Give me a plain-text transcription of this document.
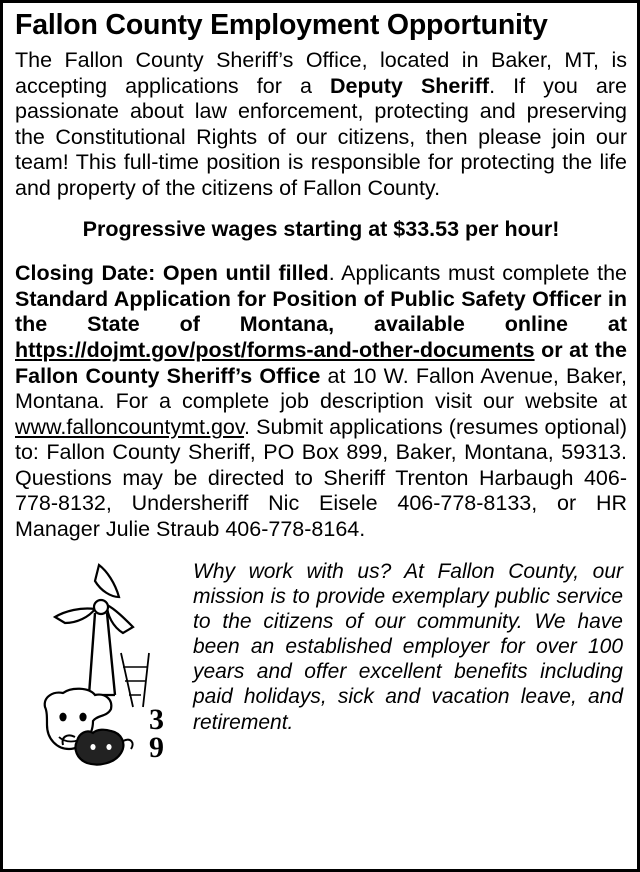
Fallon County Employment Opportunity
The Fallon County Sheriff’s Office, located in Baker, MT, is accepting applications for a Deputy Sheriff. If you are passionate about law enforcement, protecting and preserving the Constitutional Rights of our citizens, then please join our team! This full-time position is responsible for protecting the life and property of the citizens of Fallon County.
Progressive wages starting at $33.53 per hour!
Closing Date: Open until filled. Applicants must complete the Standard Application for Position of Public Safety Officer in the State of Montana, available online at https://dojmt.gov/post/forms-and-other-documents or at the Fallon County Sheriff’s Office at 10 W. Fallon Avenue, Baker, Montana. For a complete job description visit our website at www.falloncountymt.gov. Submit applications (resumes optional) to: Fallon County Sheriff, PO Box 899, Baker, Montana, 59313. Questions may be directed to Sheriff Trenton Harbaugh 406-778-8132, Undersheriff Nic Eisele 406-778-8133, or HR Manager Julie Straub 406-778-8164.
3
9
Why work with us? At Fallon County, our mission is to provide exemplary public service to the citizens of our community. We have been an established employer for over 100 years and offer excellent benefits including paid holidays, sick and vacation leave, and retirement.
